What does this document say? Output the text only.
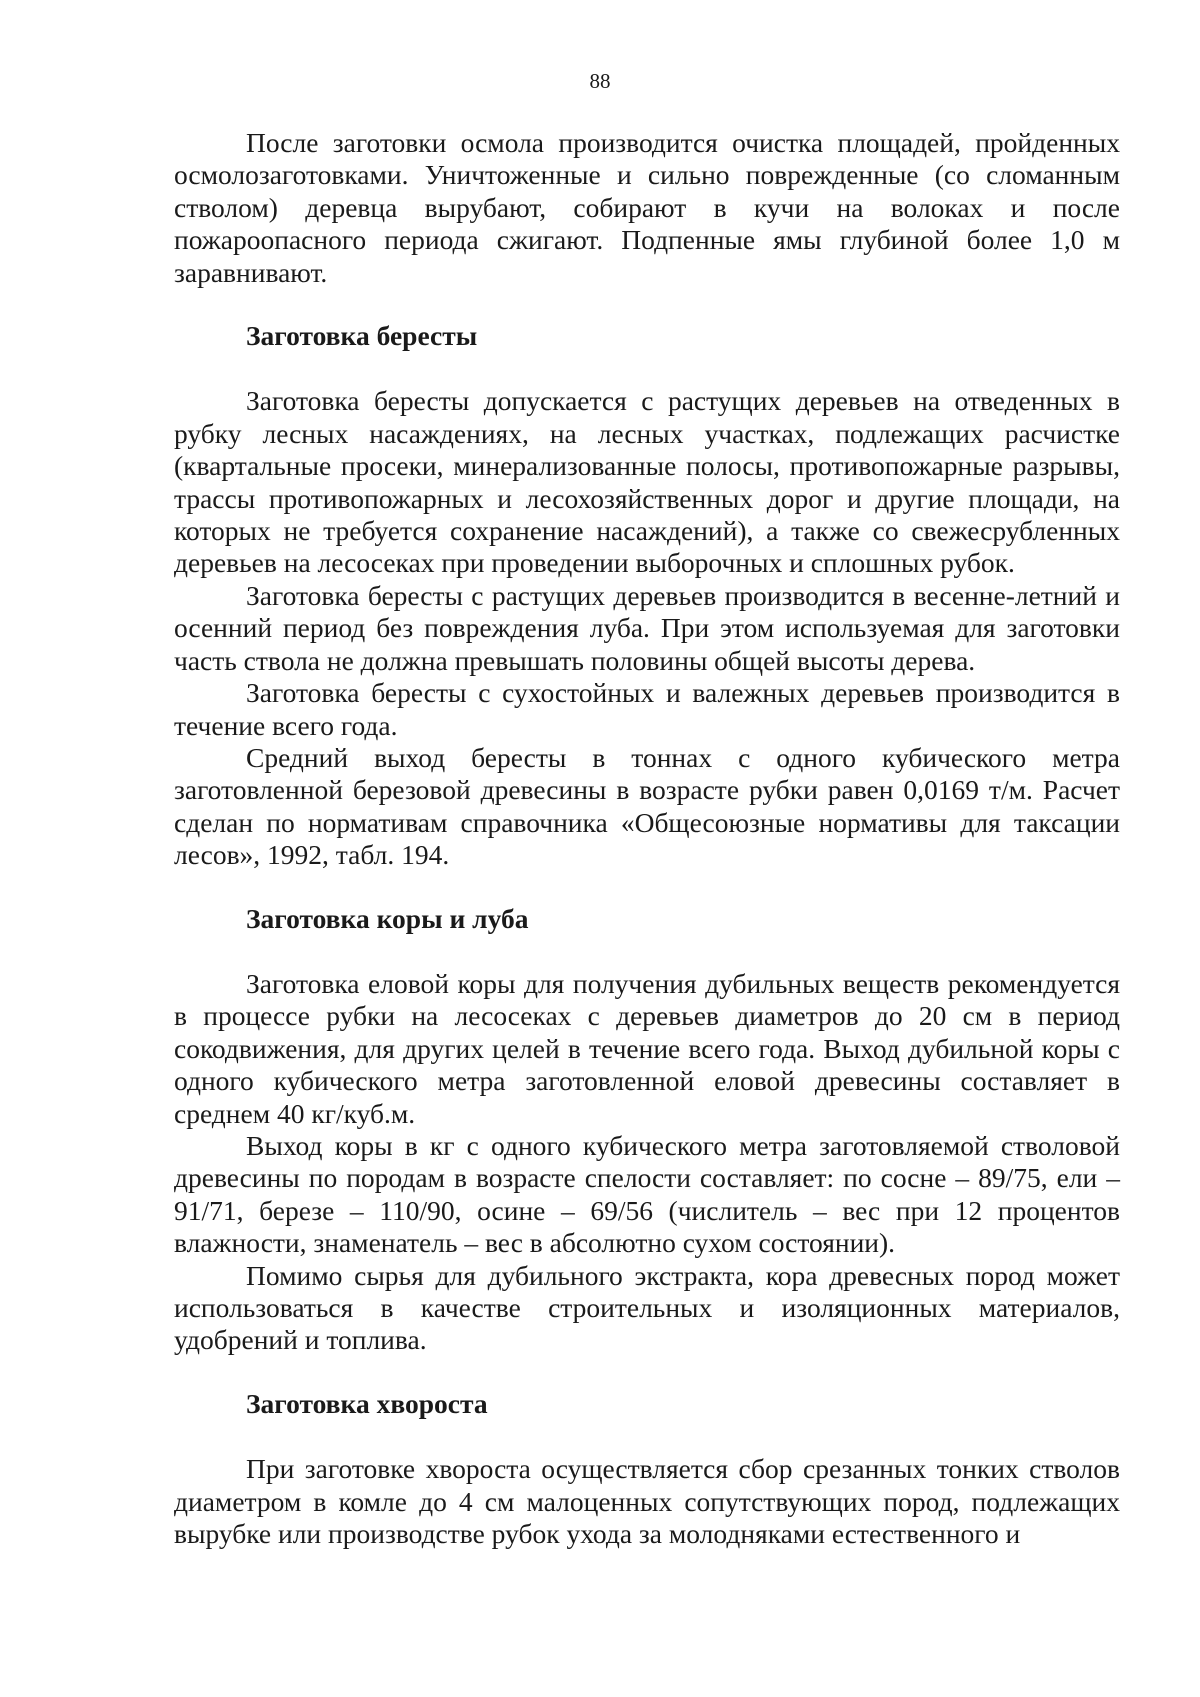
88

После заготовки осмола производится очистка площадей, пройденных осмолозаготовками. Уничтоженные и сильно поврежденные (со сломанным стволом) деревца вырубают, собирают в кучи на волоках и после пожароопасного периода сжигают. Подпенные ямы глубиной более 1,0 м заравнивают.

Заготовка бересты

Заготовка бересты допускается с растущих деревьев на отведенных в рубку лесных насаждениях, на лесных участках, подлежащих расчистке (квартальные просеки, минерализованные полосы, противопожарные разрывы, трассы противопожарных и лесохозяйственных дорог и другие площади, на которых не требуется сохранение насаждений), а также со свежесрубленных деревьев на лесосеках при проведении выборочных и сплошных рубок.

Заготовка бересты с растущих деревьев производится в весенне-летний и осенний период без повреждения луба. При этом используемая для заготовки часть ствола не должна превышать половины общей высоты дерева.

Заготовка бересты с сухостойных и валежных деревьев производится в течение всего года.

Средний выход бересты в тоннах с одного кубического метра заготовленной березовой древесины в возрасте рубки равен 0,0169 т/м. Расчет сделан по нормативам справочника «Общесоюзные нормативы для таксации лесов», 1992, табл. 194.

Заготовка коры и луба

Заготовка еловой коры для получения дубильных веществ рекомендуется в процессе рубки на лесосеках с деревьев диаметров до 20 см в период сокодвижения, для других целей в течение всего года. Выход дубильной коры с одного кубического метра заготовленной еловой древесины составляет в среднем 40 кг/куб.м.

Выход коры в кг с одного кубического метра заготовляемой стволовой древесины по породам в возрасте спелости составляет: по сосне – 89/75, ели – 91/71, березе – 110/90, осине – 69/56 (числитель – вес при 12 процентов влажности, знаменатель – вес в абсолютно сухом состоянии).

Помимо сырья для дубильного экстракта, кора древесных пород может использоваться в качестве строительных и изоляционных материалов, удобрений и топлива.

Заготовка хвороста

При заготовке хвороста осуществляется сбор срезанных тонких стволов диаметром в комле до 4 см малоценных сопутствующих пород, подлежащих вырубке или производстве рубок ухода за молодняками естественного и
